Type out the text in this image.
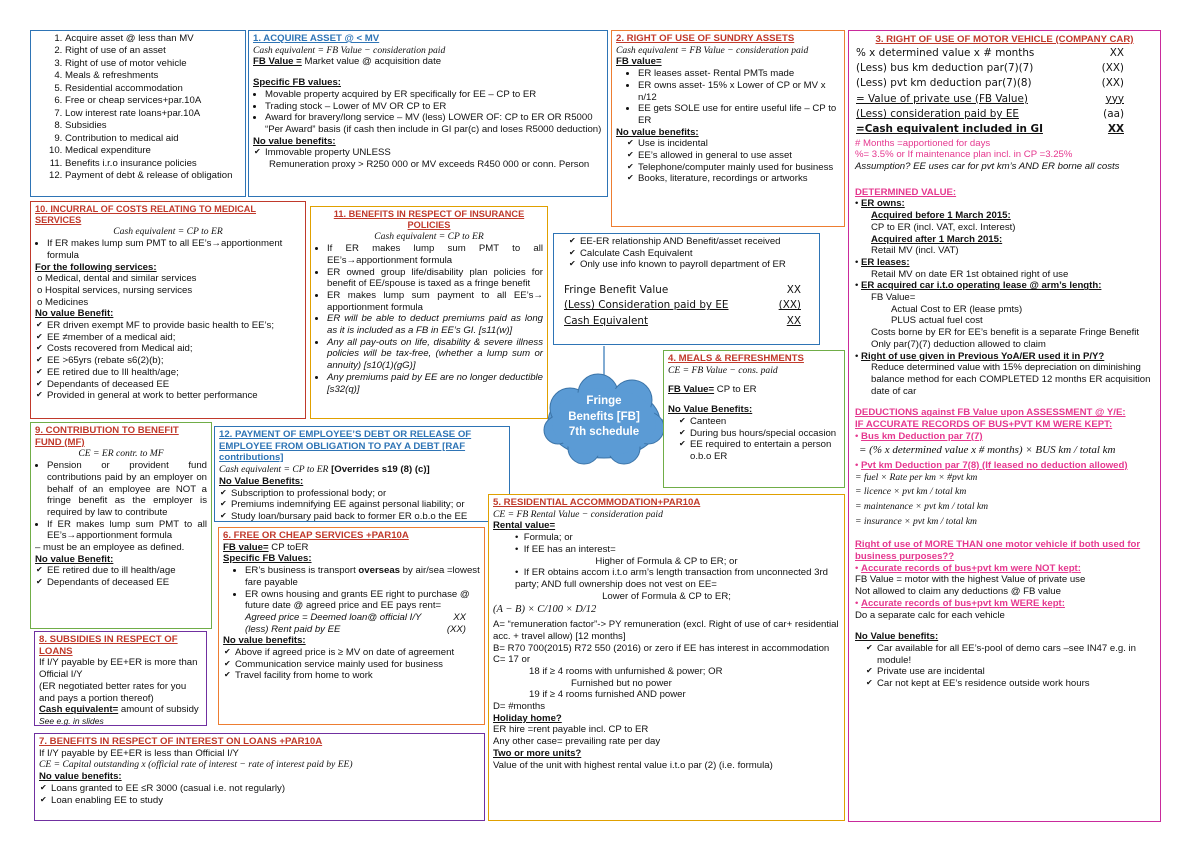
1. Acquire asset @ less than MV
2. Right of use of an asset
3. Right of use of motor vehicle
4. Meals & refreshments
5. Residential accommodation
6. Free or cheap services+par.10A
7. Low interest rate loans+par.10A
8. Subsidies
9. Contribution to medical aid
10. Medical expenditure
11. Benefits i.r.o insurance policies
12. Payment of debt & release of obligation
1. ACQUIRE ASSET @ < MV
Cash equivalent = FB Value − consideration paid
FB Value = Market value @ acquisition date
Specific FB values:
• Movable property acquired by ER specifically for EE – CP to ER
• Trading stock – Lower of MV OR CP to ER
• Award for bravery/long service – MV (less) LOWER OF: CP to ER OR R5000 “Per Award” basis (if cash then include in GI par(c) and loses R5000 deduction)
No value benefits:
✔ Immovable property UNLESS
Remuneration proxy > R250 000 or MV exceeds R450 000 or conn. Person
2. RIGHT OF USE OF SUNDRY ASSETS
Cash equivalent = FB Value − consideration paid
FB value=
• ER leases asset- Rental PMTs made
• ER owns asset- 15% x Lower of CP or MV x n/12
• EE gets SOLE use for entire useful life – CP to ER
No value benefits:
✔ Use is incidental
✔ EE’s allowed in general to use asset
✔ Telephone/computer mainly used for business
✔ Books, literature, recordings or artworks
3. RIGHT OF USE OF MOTOR VEHICLE (COMPANY CAR)
% x determined value x # months	XX
(Less) bus km deduction par(7)(7)	(XX)
(Less) pvt km deduction par(7)(8)	(XX)
= Value of private use (FB Value)	yyy
(Less) consideration paid by EE	(aa)
=Cash equivalent included in GI	XX
# Months =apportioned for days
%= 3.5% or If maintenance plan incl. in CP =3.25%
Assumption? EE uses car for pvt km’s AND ER borne all costs
DETERMINED VALUE:
• ER owns:
Acquired before 1 March 2015:
CP to ER (incl. VAT, excl. Interest)
Acquired after 1 March 2015:
Retail MV (incl. VAT)
• ER leases:
Retail MV on date ER 1st obtained right of use
• ER acquired car i.t.o operating lease @ arm’s length:
FB Value=
Actual Cost to ER (lease pmts)
PLUS actual fuel cost
Costs borne by ER for EE’s benefit is a separate Fringe Benefit
Only par(7)(7) deduction allowed to claim
• Right of use given in Previous YoA/ER used it in P/Y?
Reduce determined value with 15% depreciation on diminishing balance method for each COMPLETED 12 months ER acquisition date of car
DEDUCTIONS against FB Value upon ASSESSMENT @ Y/E:
IF ACCURATE RECORDS OF BUS+PVT KM WERE KEPT:
• Bus km Deduction par 7(7)
= (% x determined value x # months) × BUS km / total km
• Pvt km Deduction par 7(8) (If leased no deduction allowed)
= fuel × Rate per km × #pvt km
= licence × pvt km / total km
= maintenance × pvt km / total km
= insurance × pvt km / total km
Right of use of MORE THAN one motor vehicle if both used for business purposes??
• Accurate records of bus+pvt km were NOT kept:
FB Value = motor with the highest Value of private use
Not allowed to claim any deductions @ FB value
• Accurate records of bus+pvt km WERE kept:
Do a separate calc for each vehicle
No Value benefits:
✔ Car available for all EE’s-pool of demo cars –see IN47 e.g. in module!
✔ Private use are incidental
✔ Car not kept at EE’s residence outside work hours
10. INCURRAL OF COSTS RELATING TO MEDICAL SERVICES
Cash equivalent = CP to ER
• If ER makes lump sum PMT to all EE’s→apportionment formula
For the following services:
o Medical, dental and similar services
o Hospital services, nursing services
o Medicines
No value Benefit:
✔ ER driven exempt MF to provide basic health to EE’s;
✔ EE ≠member of a medical aid;
✔ Costs recovered from Medical aid;
✔ EE >65yrs (rebate s6(2)(b);
✔ EE retired due to Ill health/age;
✔ Dependants of deceased EE
✔ Provided in general at work to better performance
11. BENEFITS IN RESPECT OF INSURANCE POLICIES
Cash equivalent = CP to ER
• If ER makes lump sum PMT to all EE’s→apportionment formula
• ER owned group life/disability plan policies for benefit of EE/spouse is taxed as a fringe benefit
• ER makes lump sum payment to all EE’s→ apportionment formula
• ER will be able to deduct premiums paid as long as it is included as a FB in EE’s GI. [s11(w)]
• Any all pay-outs on life, disability & severe illness policies will be tax-free, (whether a lump sum or annuity) [s10(1)(gG)]
• Any premiums paid by EE are no longer deductible [s32(q)]
✔ EE-ER relationship AND Benefit/asset received
✔ Calculate Cash Equivalent
✔ Only use info known to payroll department of ER
Fringe Benefit Value	XX
(Less) Consideration paid by EE	(XX)
Cash Equivalent	XX
Fringe
Benefits [FB]
7th schedule
4. MEALS & REFRESHMENTS
CE = FB Value − cons. paid
FB Value= CP to ER
No Value Benefits:
✔ Canteen
✔ During bus hours/special occasion
✔ EE required to entertain a person o.b.o ER
9. CONTRIBUTION TO BENEFIT FUND (MF)
CE = ER contr. to MF
• Pension or provident fund contributions paid by an employer on behalf of an employee are NOT a fringe benefit as the employer is required by law to contribute
• If ER makes lump sum PMT to all EE’s→apportionment formula
– must be an employee as defined.
No value Benefit:
✔ EE retired due to ill health/age
✔ Dependants of deceased EE
12. PAYMENT OF EMPLOYEE’S DEBT OR RELEASE OF EMPLOYEE FROM OBLIGATION TO PAY A DEBT [RAF contributions]
Cash equivalent = CP to ER [Overrides s19 (8) (c)]
No Value Benefits:
✔ Subscription to professional body; or
✔ Premiums indemnifying EE against personal liability; or
✔ Study loan/bursary paid back to former ER o.b.o the EE
6. FREE OR CHEAP SERVICES +PAR10A
FB value= CP toER
Specific FB Values:
• ER’s business is transport overseas by air/sea =lowest fare payable
• ER owns housing and grants EE right to purchase @ future date @ agreed price and EE pays rent=
Agreed price = Deemed loan@ official I/Y	XX
(less) Rent paid by EE	(XX)
No value benefits:
✔ Above if agreed price is ≥ MV on date of agreement
✔ Communication service mainly used for business
✔ Travel facility from home to work
5. RESIDENTIAL ACCOMMODATION+PAR10A
CE = FB Rental Value − consideration paid
Rental value=
•  Formula; or
•  If EE has an interest=
Higher of Formula & CP to ER; or
•  If ER obtains accom i.t.o arm’s length transaction from unconnected 3rd party; AND full ownership does not vest on EE=
Lower of Formula & CP to ER;
(A − B) × C/100 × D/12
A= “remuneration factor”-> PY remuneration (excl. Right of use of car+ residential acc. + travel allow) [12 months]
B= R70 700(2015) R72 550 (2016) or zero if EE has interest in accommodation
C= 17 or
18 if ≥ 4 rooms with unfurnished & power; OR
Furnished but no power
19 if ≥ 4 rooms furnished AND power
D= #months
Holiday home?
ER hire =rent payable incl. CP to ER
Any other case= prevailing rate per day
Two or more units?
Value of the unit with highest rental value i.t.o par (2) (i.e. formula)
8. SUBSIDIES IN RESPECT OF LOANS
If I/Y payable by EE+ER is more than Official I/Y
(ER negotiated better rates for you and pays a portion thereof)
Cash equivalent= amount of subsidy
See e.g. in slides
7. BENEFITS IN RESPECT OF INTEREST ON LOANS +PAR10A
If I/Y payable by EE+ER is less than Official I/Y
CE = Capital outstanding x (official rate of interest − rate of interest paid by EE)
No value benefits:
✔ Loans granted to EE ≤R 3000 (casual i.e. not regularly)
✔ Loan enabling EE to study
